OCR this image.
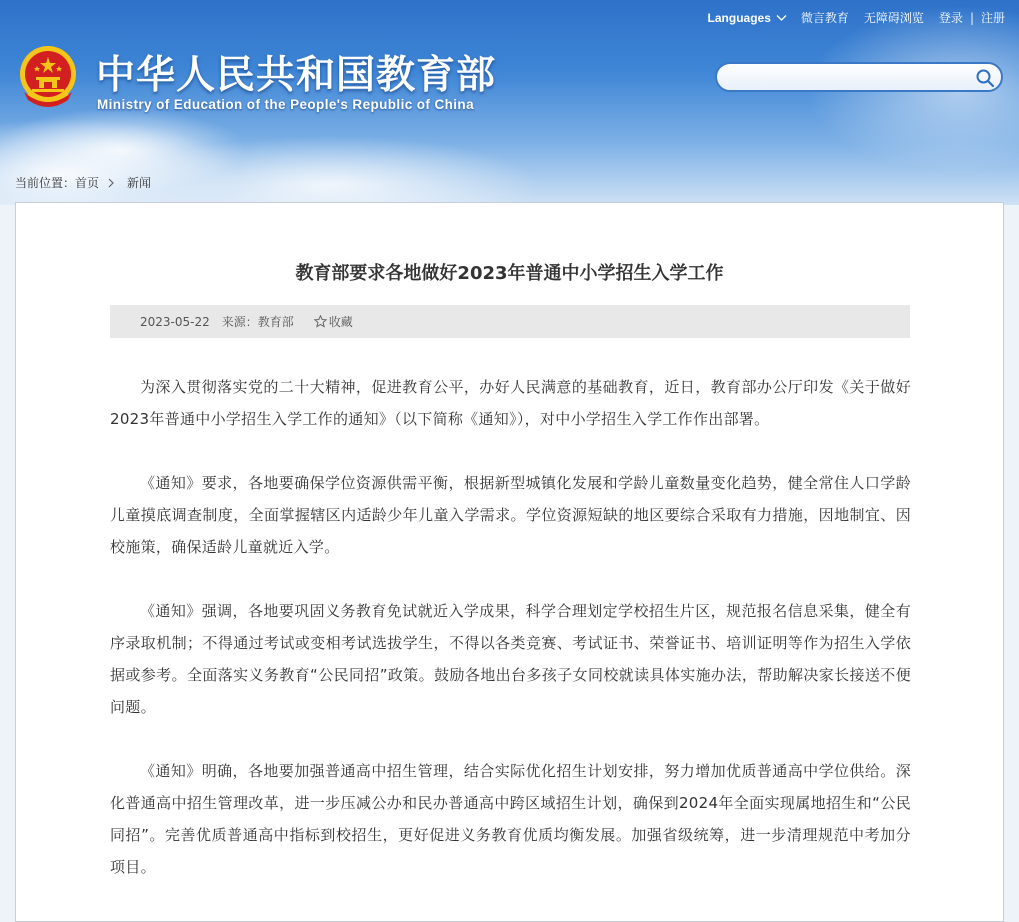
中华人民共和国教育部

Ministry of Education of the People's Republic of China

Languages	微言教育 无障碍浏览 登录 | 注册
当前位置： 首页 新闻
教育部要求各地做好2023年普通中小学招生入学工作
2023-05-22 来源：教育部	收藏

为深入贯彻落实党的二十大精神，促进教育公平，办好人民满意的基础教育，近日，教育部办公厅印发《关于做好2023年普通中小学招生入学工作的通知》（以下简称《通知》），对中小学招生入学工作作出部署。

《通知》要求，各地要确保学位资源供需平衡，根据新型城镇化发展和学龄儿童数量变化趋势，健全常住人口学龄儿童摸底调查制度，全面掌握辖区内适龄少年儿童入学需求。学位资源短缺的地区要综合采取有力措施，因地制宜、因校施策，确保适龄儿童就近入学。

《通知》强调，各地要巩固义务教育免试就近入学成果，科学合理划定学校招生片区，规范报名信息采集，健全有序录取机制；不得通过考试或变相考试选拔学生，不得以各类竞赛、考试证书、荣誉证书、培训证明等作为招生入学依据或参考。全面落实义务教育“公民同招”政策。鼓励各地出台多孩子女同校就读具体实施办法，帮助解决家长接送不便问题。

《通知》明确，各地要加强普通高中招生管理，结合实际优化招生计划安排，努力增加优质普通高中学位供给。深化普通高中招生管理改革，进一步压减公办和民办普通高中跨区域招生计划，确保到2024年全面实现属地招生和“公民同招”。完善优质普通高中指标到校招生，更好促进义务教育优质均衡发展。加强省级统筹，进一步清理规范中考加分项目。
